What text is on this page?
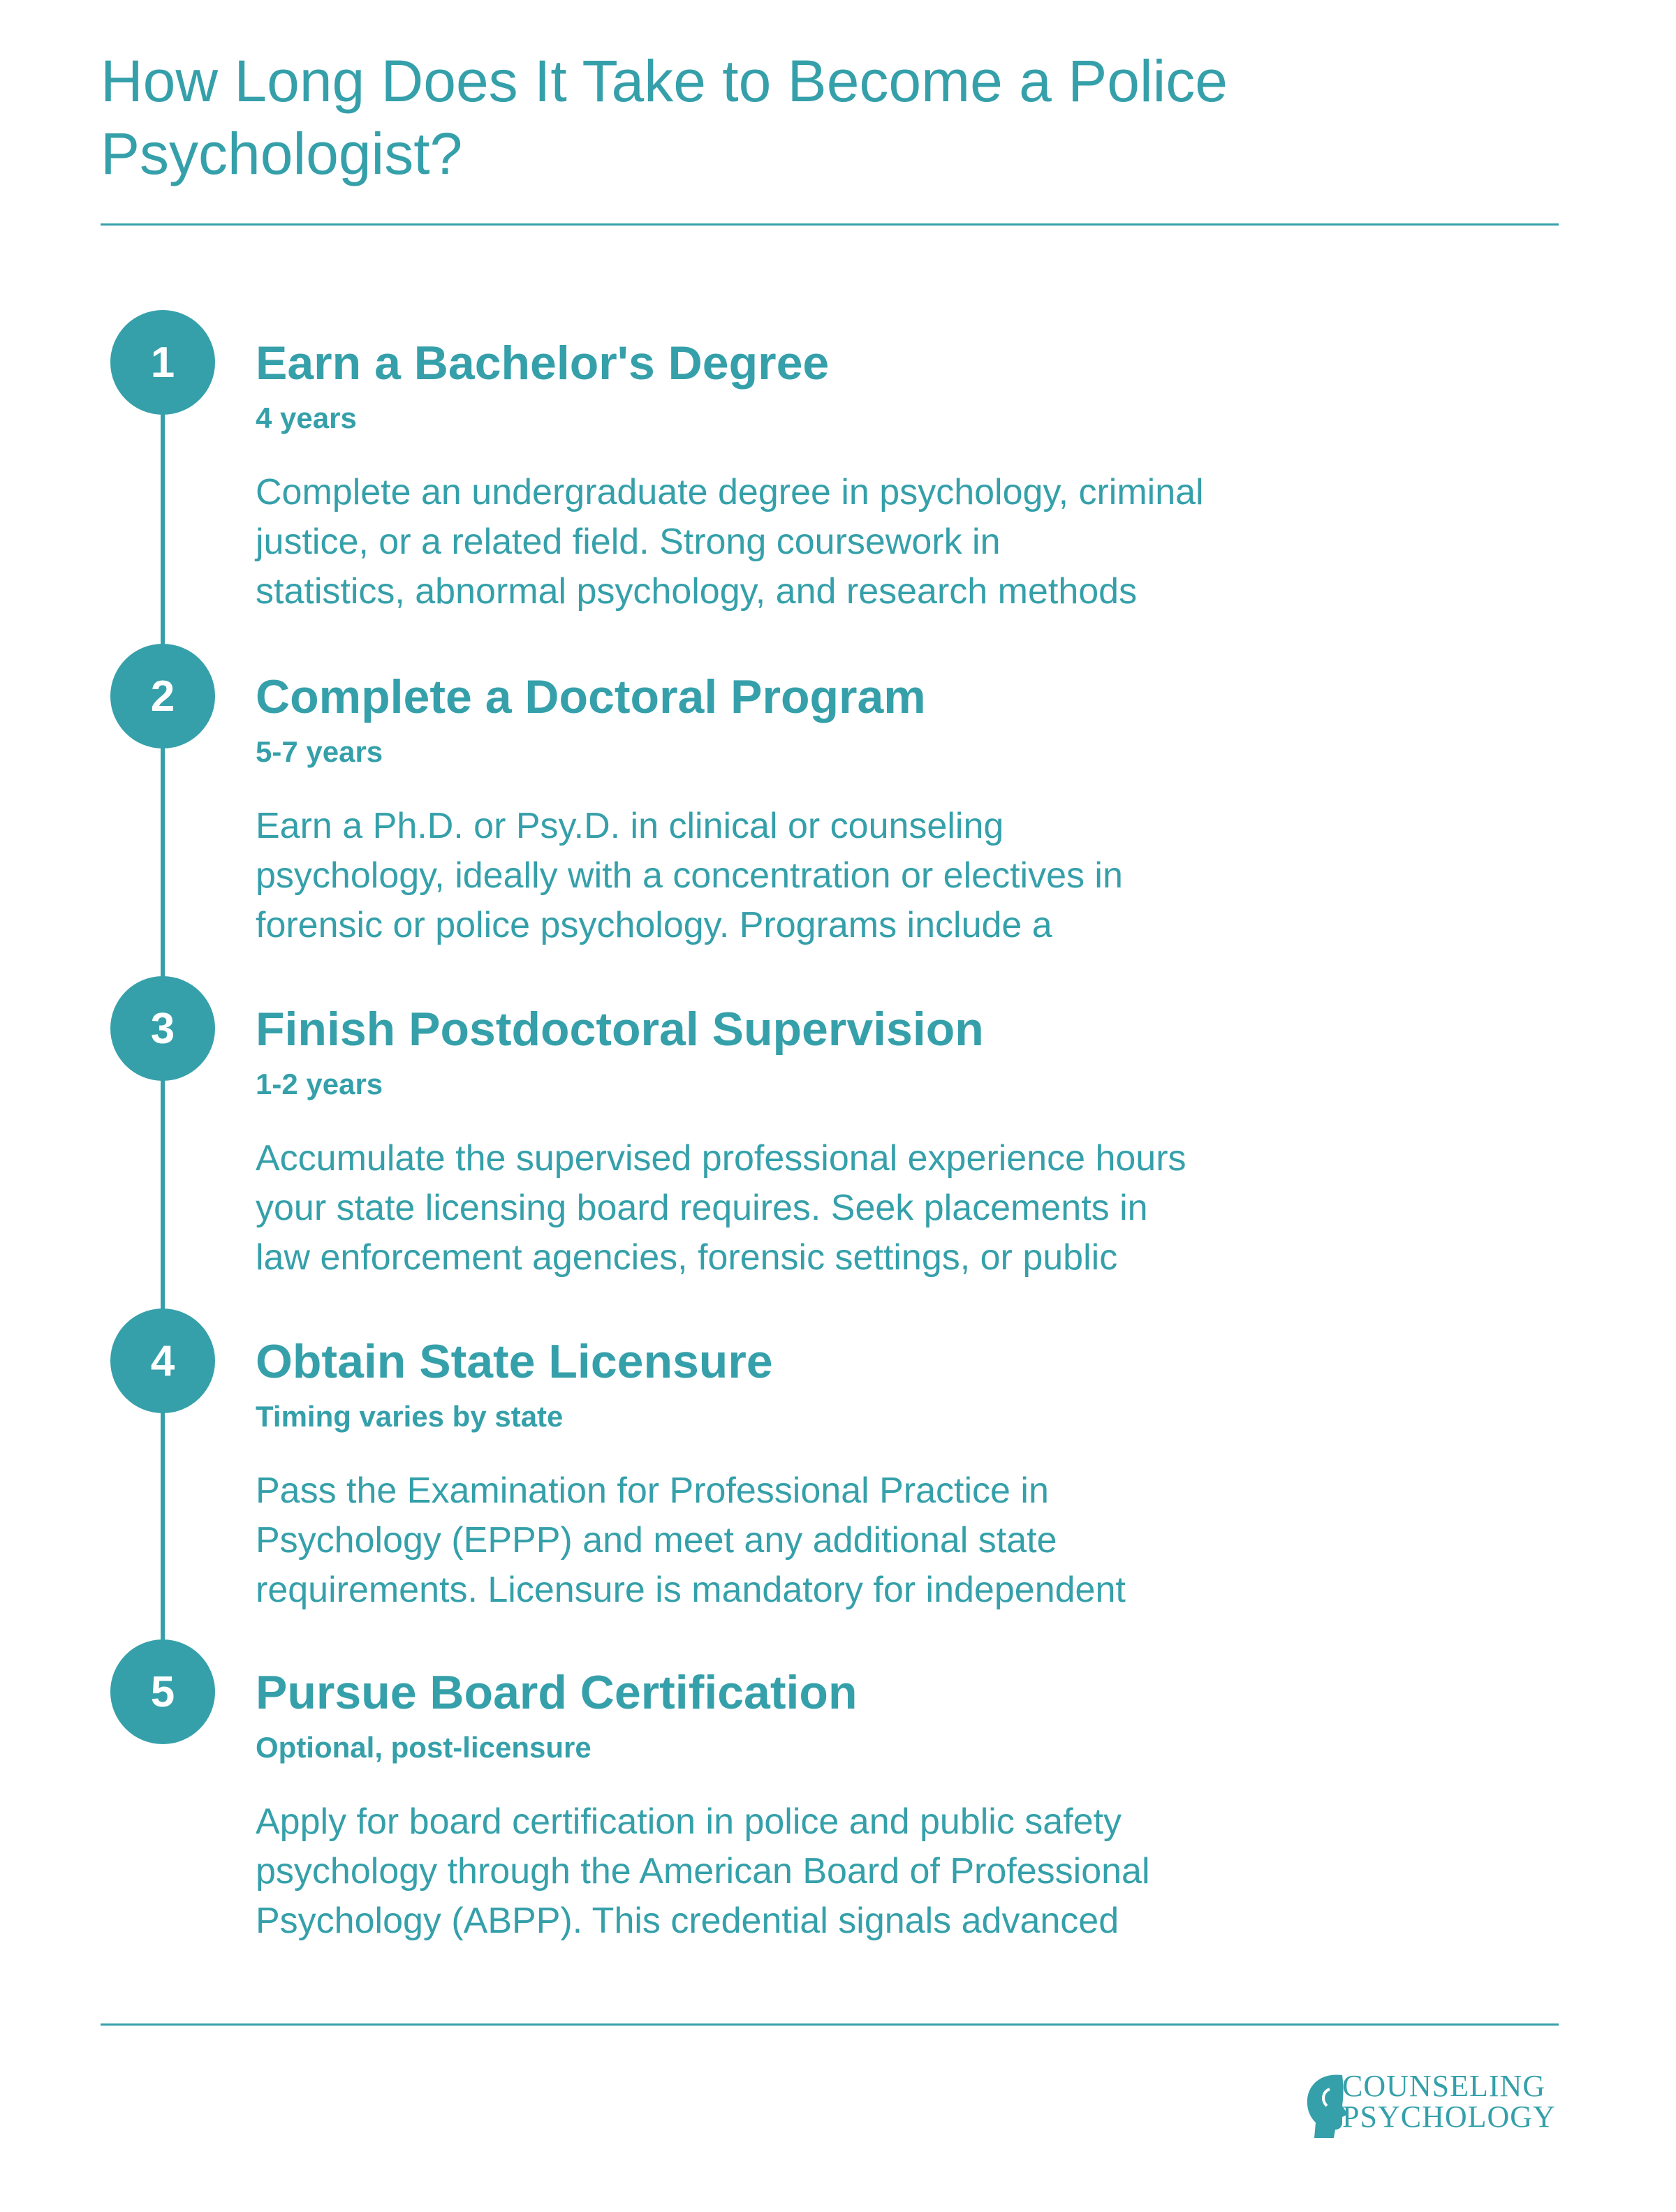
How Long Does It Take to Become a Police Psychologist?
1	Earn a Bachelor's Degree
4 years
Complete an undergraduate degree in psychology, criminal
justice, or a related field. Strong coursework in
statistics, abnormal psychology, and research methods
2	Complete a Doctoral Program
5-7 years
Earn a Ph.D. or Psy.D. in clinical or counseling
psychology, ideally with a concentration or electives in
forensic or police psychology. Programs include a
3	Finish Postdoctoral Supervision
1-2 years
Accumulate the supervised professional experience hours
your state licensing board requires. Seek placements in
law enforcement agencies, forensic settings, or public
4	Obtain State Licensure
Timing varies by state
Pass the Examination for Professional Practice in
Psychology (EPPP) and meet any additional state
requirements. Licensure is mandatory for independent
5	Pursue Board Certification
Optional, post-licensure
Apply for board certification in police and public safety
psychology through the American Board of Professional
Psychology (ABPP). This credential signals advanced
COUNSELING
PSYCHOLOGY
